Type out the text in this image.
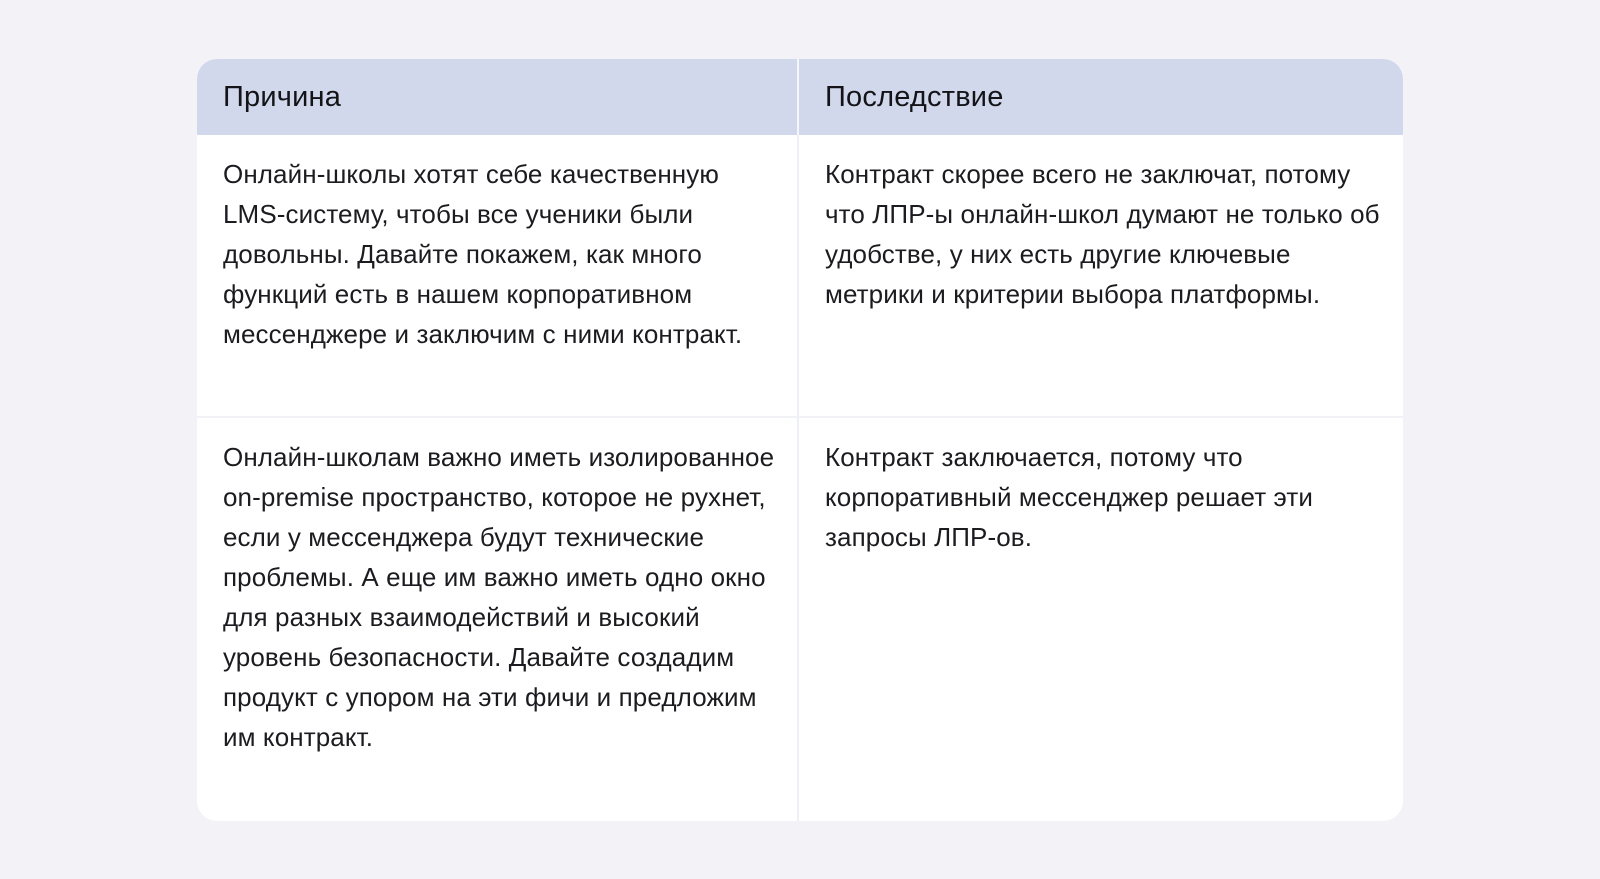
Причина	Последствие
Онлайн-школы хотят себе качественную LMS-систему, чтобы все ученики были довольны. Давайте покажем, как много функций есть в нашем корпоративном мессенджере и заключим с ними контракт.
Контракт скорее всего не заключат, потому что ЛПР-ы онлайн-школ думают не только об удобстве, у них есть другие ключевые метрики и критерии выбора платформы.
Онлайн-школам важно иметь изолированное on-premise пространство, которое не рухнет, если у мессенджера будут технические проблемы. А еще им важно иметь одно окно для разных взаимодействий и высокий уровень безопасности. Давайте создадим продукт с упором на эти фичи и предложим им контракт.
Контракт заключается, потому что корпоративный мессенджер решает эти запросы ЛПР-ов.
